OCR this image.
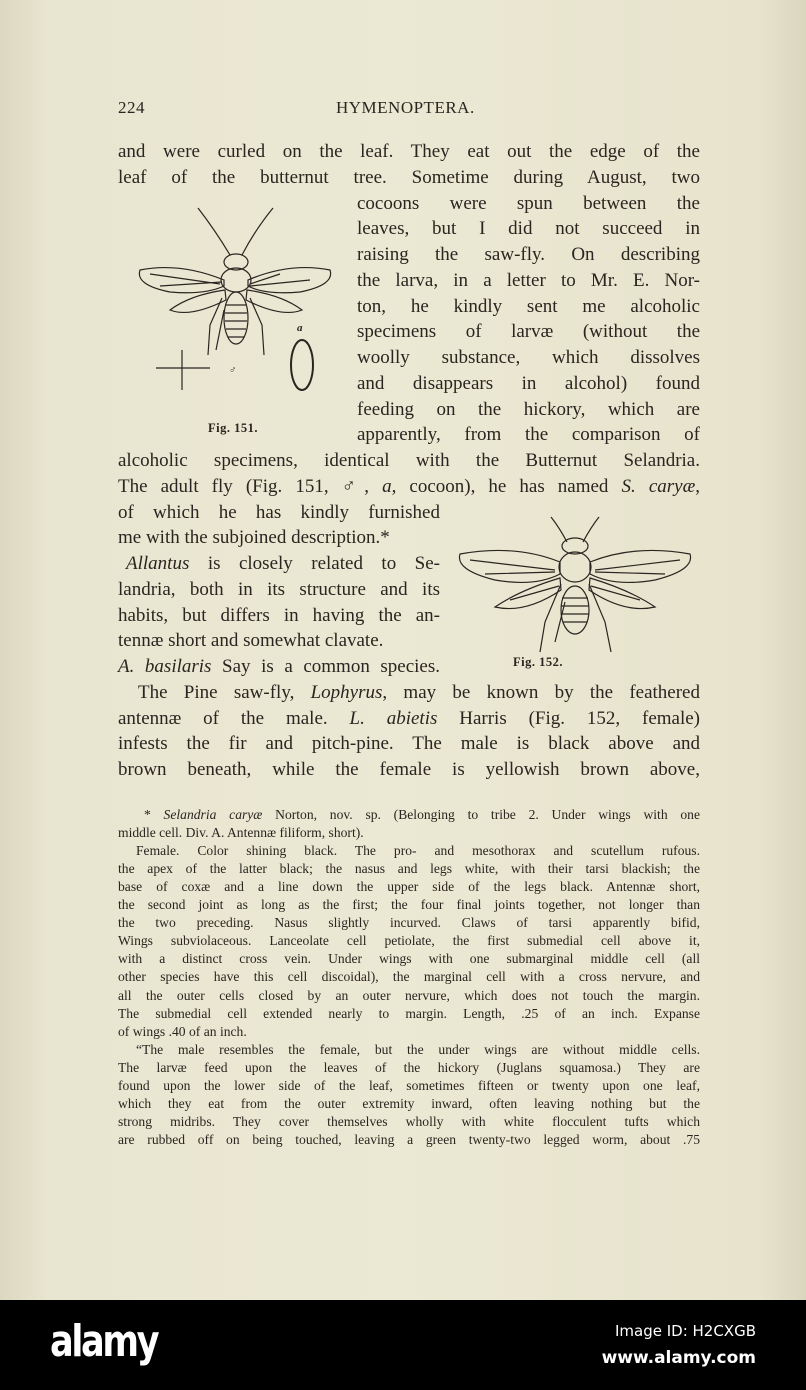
224	HYMENOPTERA.
and were curled on the leaf. They eat out the edge of the
leaf of the butternut tree. Sometime during August, two
cocoons were spun between the
leaves, but I did not succeed in
raising the saw-fly. On describing
the larva, in a letter to Mr. E. Nor-
ton, he kindly sent me alcoholic
specimens of larvæ (without the
woolly substance, which dissolves
and disappears in alcohol) found
feeding on the hickory, which are
apparently, from the comparison of
alcoholic specimens, identical with the Butternut Selandria.
The adult fly (Fig. 151, ♂, a, cocoon), he has named S. caryæ,
of which he has kindly furnished
me with the subjoined description.*
Allantus is closely related to Se-
landria, both in its structure and its
habits, but differs in having the an-
tennæ short and somewhat clavate.
A. basilaris Say is a common species.
The Pine saw-fly, Lophyrus, may be known by the feathered
antennæ of the male. L. abietis Harris (Fig. 152, female)
infests the fir and pitch-pine. The male is black above and
brown beneath, while the female is yellowish brown above,
* Selandria caryæ Norton, nov. sp. (Belonging to tribe 2. Under wings with one
middle cell. Div. A. Antennæ filiform, short).
Female. Color shining black. The pro- and mesothorax and scutellum rufous.
the apex of the latter black; the nasus and legs white, with their tarsi blackish; the
base of coxæ and a line down the upper side of the legs black. Antennæ short,
the second joint as long as the first; the four final joints together, not longer than
the two preceding. Nasus slightly incurved. Claws of tarsi apparently bifid,
Wings subviolaceous. Lanceolate cell petiolate, the first submedial cell above it,
with a distinct cross vein. Under wings with one submarginal middle cell (all
other species have this cell discoidal), the marginal cell with a cross nervure, and
all the outer cells closed by an outer nervure, which does not touch the margin.
The submedial cell extended nearly to margin. Length, .25 of an inch. Expanse
of wings .40 of an inch.
“The male resembles the female, but the under wings are without middle cells.
The larvæ feed upon the leaves of the hickory (Juglans squamosa.) They are
found upon the lower side of the leaf, sometimes fifteen or twenty upon one leaf,
which they eat from the outer extremity inward, often leaving nothing but the
strong midribs. They cover themselves wholly with white flocculent tufts which
are rubbed off on being touched, leaving a green twenty-two legged worm, about .75
a
♂
Fig. 151.
Fig. 152.
alamy	Image ID: H2CXGB
www.alamy.com
